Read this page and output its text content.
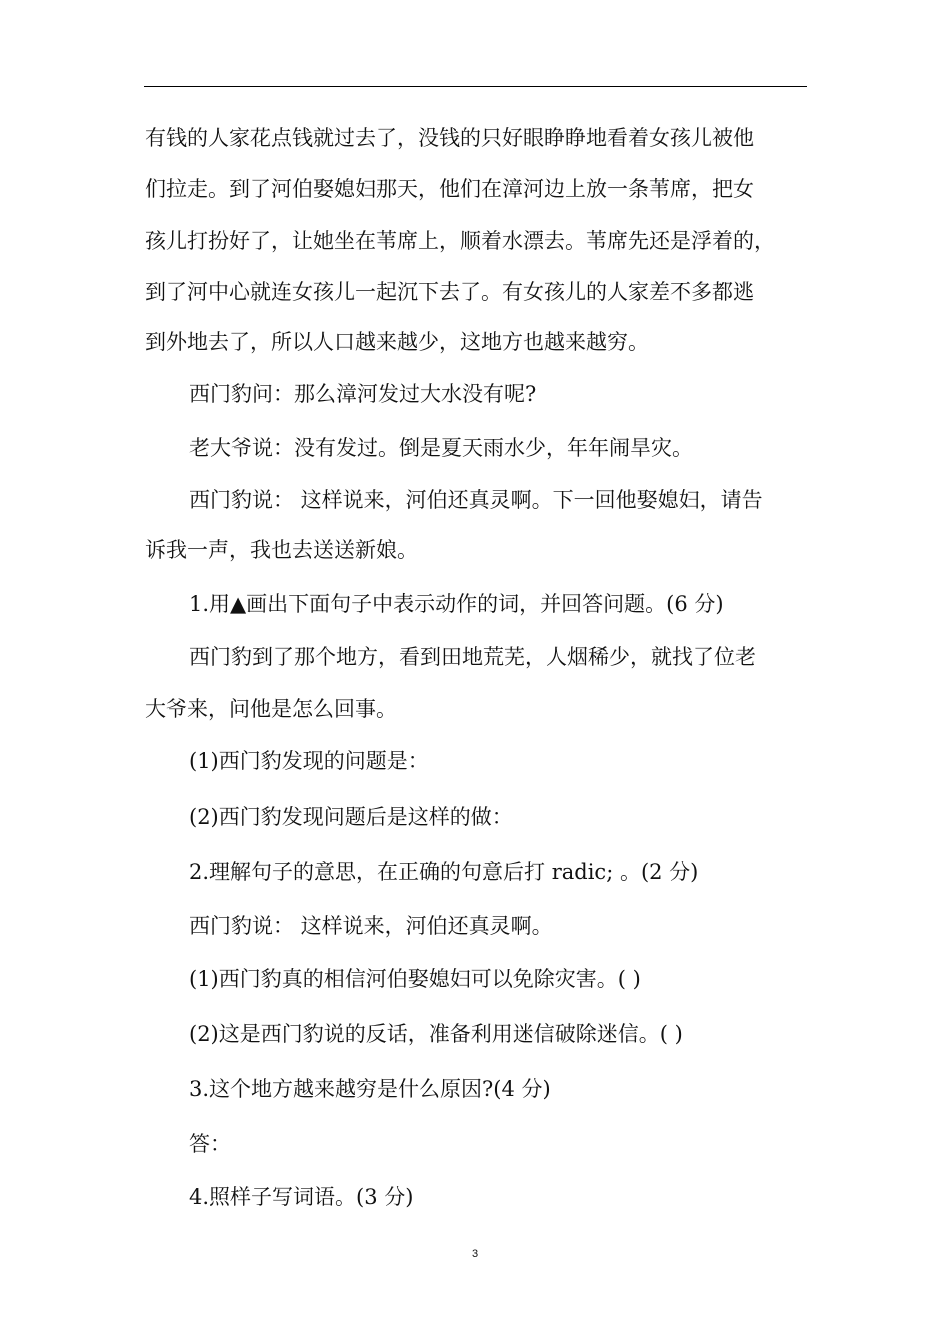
有钱的人家花点钱就过去了，没钱的只好眼睁睁地看着女孩儿被他
们拉走。到了河伯娶媳妇那天，他们在漳河边上放一条苇席，把女
孩儿打扮好了，让她坐在苇席上，顺着水漂去。苇席先还是浮着的，
到了河中心就连女孩儿一起沉下去了。有女孩儿的人家差不多都逃
到外地去了，所以人口越来越少，这地方也越来越穷。
西门豹问：那么漳河发过大水没有呢?
老大爷说：没有发过。倒是夏天雨水少，年年闹旱灾。
西门豹说： 这样说来，河伯还真灵啊。下一回他娶媳妇，请告
诉我一声，我也去送送新娘。
1.用▲画出下面句子中表示动作的词，并回答问题。(6 分)
西门豹到了那个地方，看到田地荒芜，人烟稀少，就找了位老
大爷来，问他是怎么回事。
(1)西门豹发现的问题是：
(2)西门豹发现问题后是这样的做：
2.理解句子的意思，在正确的句意后打 radic; 。(2 分)
西门豹说： 这样说来，河伯还真灵啊。
(1)西门豹真的相信河伯娶媳妇可以免除灾害。( )
(2)这是西门豹说的反话，准备利用迷信破除迷信。( )
3.这个地方越来越穷是什么原因?(4 分)
答：
4.照样子写词语。(3 分)
3
